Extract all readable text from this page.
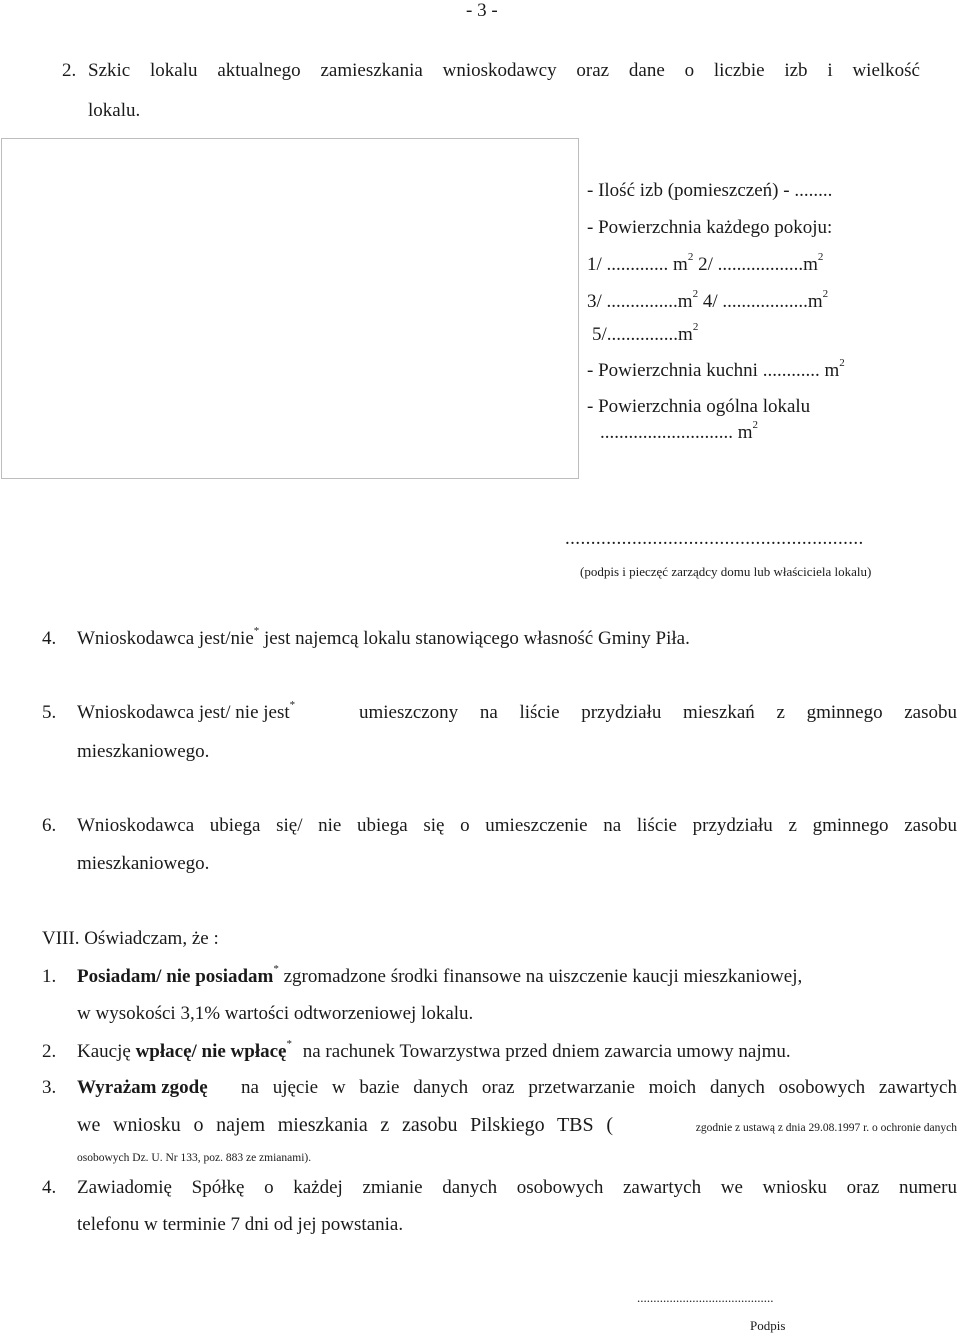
- 3 -
2. Szkic lokalu aktualnego zamieszkania wnioskodawcy oraz dane o liczbie izb i wielkość
lokalu.
- Ilość izb (pomieszczeń) - ........
- Powierzchnia każdego pokoju:
1/ ............. $m^2$ 2/ $..................m^2$
3/ $...............m^2$ 4/ $..................m^2$
$5/...............m^2$
- Powierzchnia kuchni ............ $m^2$
- Powierzchnia ogólna lokalu
............................ $m^2$
..........................................................
(podpis i pieczęć zarządcy domu lub właściciela lokalu)
4. Wnioskodawca jest/nie* jest najemcą lokalu stanowiącego własność Gminy Piła.
5. Wnioskodawca jest/ nie jest*	umieszczony na liście przydziału mieszkań z gminnego zasobu
mieszkaniowego.
6. Wnioskodawca ubiega się/ nie ubiega się o umieszczenie na liście przydziału z gminnego zasobu
mieszkaniowego.
VIII. Oświadczam, że :
1. Posiadam/ nie posiadam* zgromadzone środki finansowe na uiszczenie kaucji mieszkaniowej,
w wysokości 3,1% wartości odtworzeniowej lokalu.
2. Kaucję wpłacę/ nie wpłacę* na rachunek Towarzystwa przed dniem zawarcia umowy najmu.
3. Wyrażam zgodę na ujęcie w bazie danych oraz przetwarzanie moich danych osobowych zawartych
we wniosku o najem mieszkania z zasobu Pilskiego TBS (	zgodnie z ustawą z dnia 29.08.1997 r. o ochronie danych
osobowych Dz. U. Nr 133, poz. 883 ze zmianami).
4. Zawiadomię Spółkę o każdej zmianie danych osobowych zawartych we wniosku oraz numeru
telefonu w terminie 7 dni od jej powstania.
..........................................
Podpis
